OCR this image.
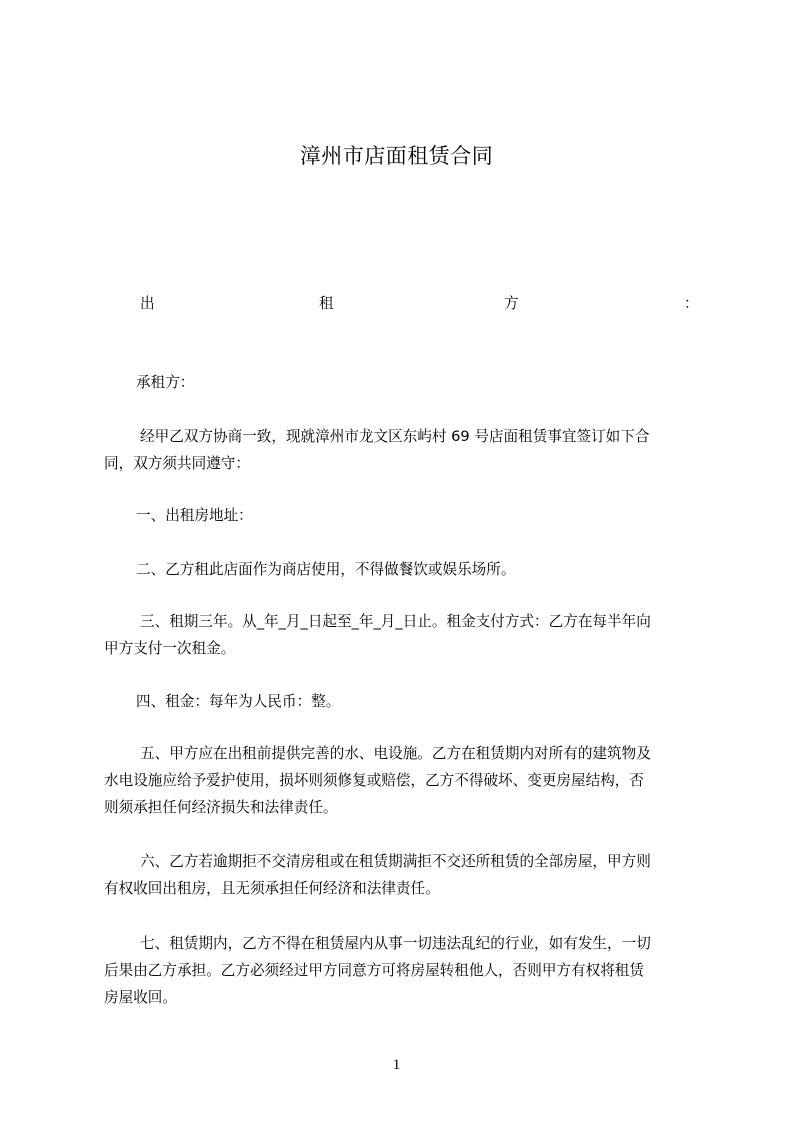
漳州市店面租赁合同
出	租	方	：

承租方：

经甲乙双方协商一致，现就漳州市龙文区东屿村 69 号店面租赁事宜签订如下合
同，双方须共同遵守：

一、出租房地址：

二、乙方租此店面作为商店使用，不得做餐饮或娱乐场所。

三、租期三年。从_年_月_日起至_年_月_日止。租金支付方式：乙方在每半年向
甲方支付一次租金。

四、租金：每年为人民币：整。

五、甲方应在出租前提供完善的水、电设施。乙方在租赁期内对所有的建筑物及
水电设施应给予爱护使用，损坏则须修复或赔偿，乙方不得破坏、变更房屋结构，否
则须承担任何经济损失和法律责任。

六、乙方若逾期拒不交清房租或在租赁期满拒不交还所租赁的全部房屋，甲方则
有权收回出租房，且无须承担任何经济和法律责任。

七、租赁期内，乙方不得在租赁屋内从事一切违法乱纪的行业，如有发生，一切
后果由乙方承担。乙方必须经过甲方同意方可将房屋转租他人，否则甲方有权将租赁
房屋收回。

1
